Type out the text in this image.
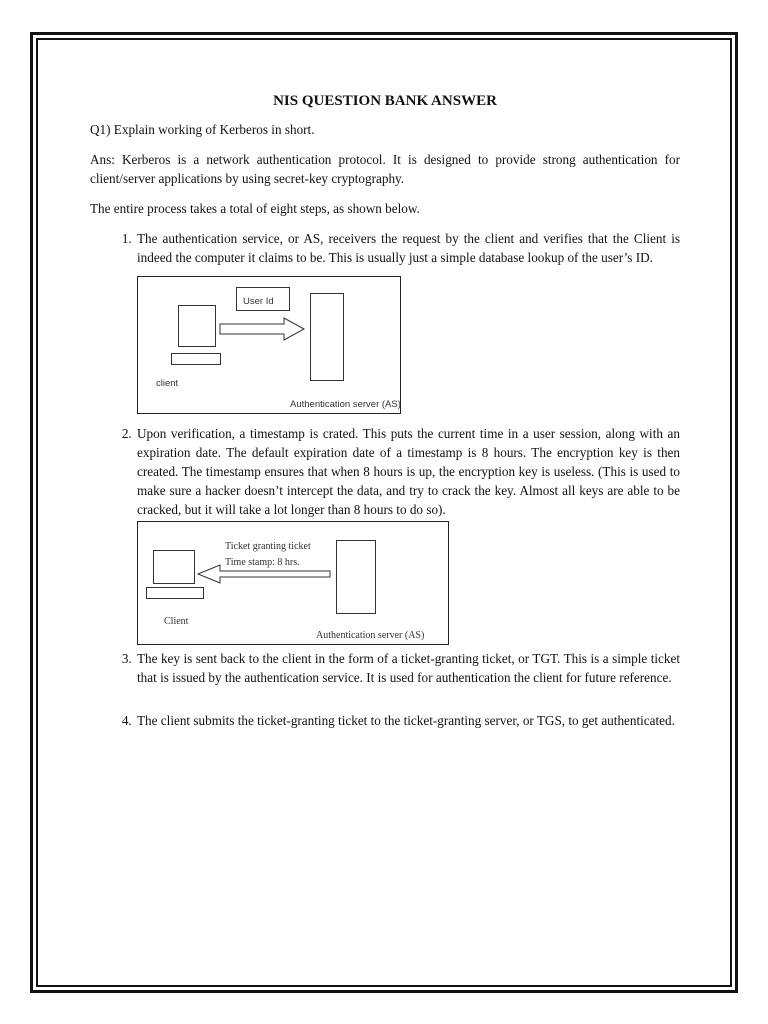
NIS QUESTION BANK ANSWER

Q1) Explain working of Kerberos in short.

Ans: Kerberos is a network authentication protocol. It is designed to provide strong authentication for client/server applications by using secret-key cryptography.

The entire process takes a total of eight steps, as shown below.

1. The authentication service, or AS, receivers the request by the client and verifies that the Client is indeed the computer it claims to be. This is usually just a simple database lookup of the user’s ID.
User Id
client
Authentication server (AS)
2. Upon verification, a timestamp is crated. This puts the current time in a user session, along with an expiration date. The default expiration date of a timestamp is 8 hours. The encryption key is then created. The timestamp ensures that when 8 hours is up, the encryption key is useless. (This is used to make sure a hacker doesn’t intercept the data, and try to crack the key. Almost all keys are able to be cracked, but it will take a lot longer than 8 hours to do so).
Ticket granting ticket
Time stamp: 8 hrs.
Client
Authentication server (AS)
3. The key is sent back to the client in the form of a ticket-granting ticket, or TGT. This is a simple ticket that is issued by the authentication service. It is used for authentication the client for future reference.
4. The client submits the ticket-granting ticket to the ticket-granting server, or TGS, to get authenticated.
